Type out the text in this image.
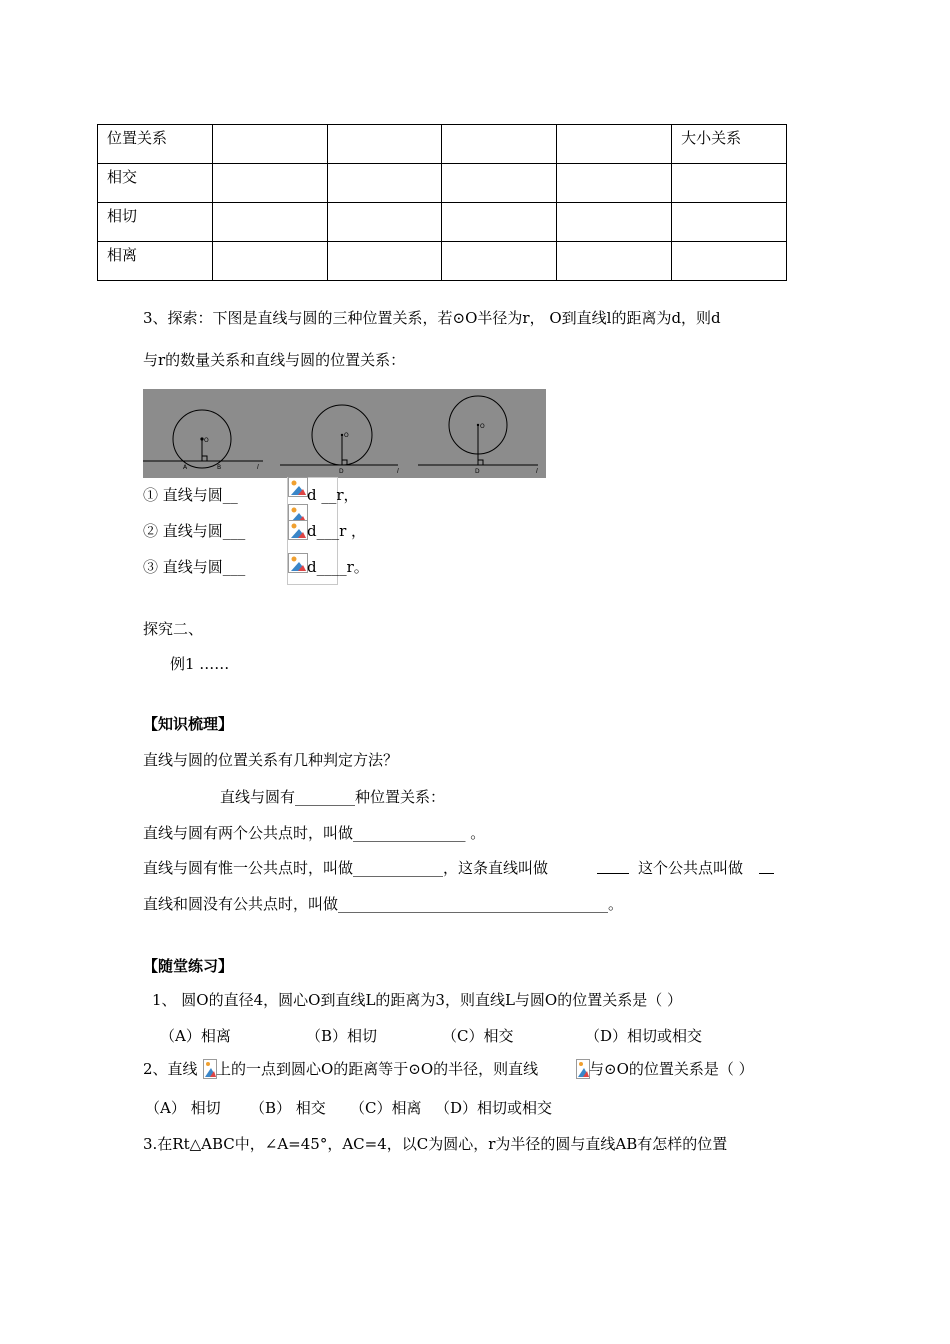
位置关系					大小关系
相交					
相切					
相离					
3、探索：下图是直线与圆的三种位置关系，若⊙O半径为r， O到直线l的距离为d，则d
与r的数量关系和直线与圆的位置关系：
O
A	B	l
O
D	l
O
D	l
① 直线与圆__	d __r，
② 直线与圆___	d___r ，
③ 直线与圆___	d____r。
探究二、
例1 ……
【知识梳理】
直线与圆的位置关系有几种判定方法？
直线与圆有________种位置关系：
直线与圆有两个公共点时，叫做_______________ 。
直线与圆有惟一公共点时，叫做____________，这条直线叫做	这个公共点叫做
直线和圆没有公共点时，叫做____________________________________。
【随堂练习】
1、 圆O的直径4，圆心O到直线L的距离为3，则直线L与圆O的位置关系是（ ）
（A）相离	（B）相切	（C）相交	（D）相切或相交
2、直线 上的一点到圆心O的距离等于⊙O的半径，则直线	与⊙O的位置关系是（ ）
（A） 相切 （B） 相交 （C）相离 （D）相切或相交
3.在Rt△ABC中，∠A=45°，AC=4，以C为圆心，r为半径的圆与直线AB有怎样的位置
